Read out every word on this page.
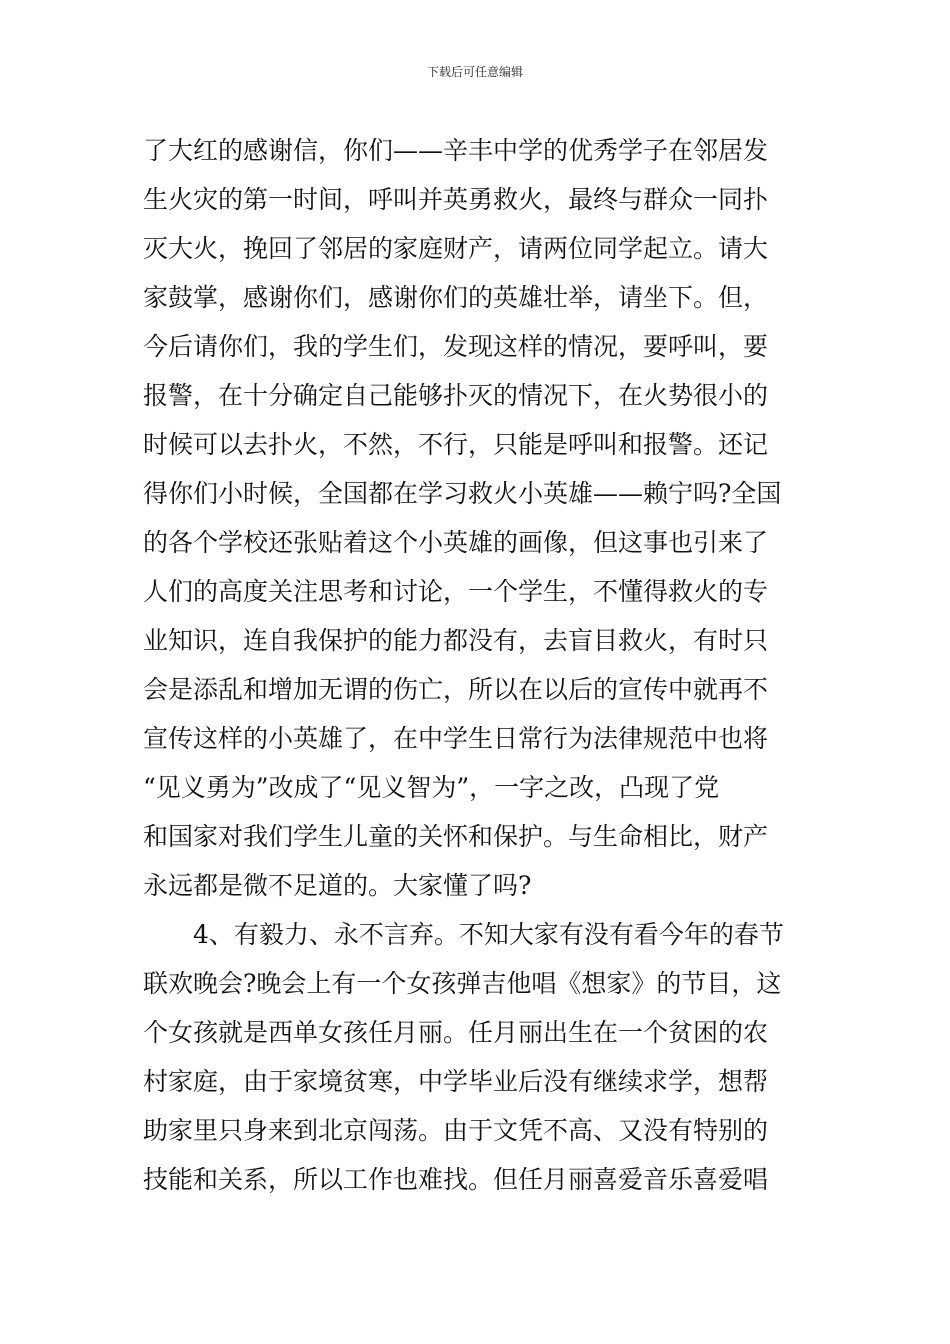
下载后可任意编辑
了大红的感谢信，你们——辛丰中学的优秀学子在邻居发
生火灾的第一时间，呼叫并英勇救火，最终与群众一同扑
灭大火，挽回了邻居的家庭财产，请两位同学起立。请大
家鼓掌，感谢你们，感谢你们的英雄壮举，请坐下。但，
今后请你们，我的学生们，发现这样的情况，要呼叫，要
报警，在十分确定自己能够扑灭的情况下，在火势很小的
时候可以去扑火，不然，不行，只能是呼叫和报警。还记
得你们小时候，全国都在学习救火小英雄——赖宁吗?全国
的各个学校还张贴着这个小英雄的画像，但这事也引来了
人们的高度关注思考和讨论，一个学生，不懂得救火的专
业知识，连自我保护的能力都没有，去盲目救火，有时只
会是添乱和增加无谓的伤亡，所以在以后的宣传中就再不
宣传这样的小英雄了，在中学生日常行为法律规范中也将
“见义勇为”改成了“见义智为”，一字之改，凸现了党
和国家对我们学生儿童的关怀和保护。与生命相比，财产
永远都是微不足道的。大家懂了吗?
4、有毅力、永不言弃。不知大家有没有看今年的春节
联欢晚会?晚会上有一个女孩弹吉他唱《想家》的节目，这
个女孩就是西单女孩任月丽。任月丽出生在一个贫困的农
村家庭，由于家境贫寒，中学毕业后没有继续求学，想帮
助家里只身来到北京闯荡。由于文凭不高、又没有特别的
技能和关系，所以工作也难找。但任月丽喜爱音乐喜爱唱
